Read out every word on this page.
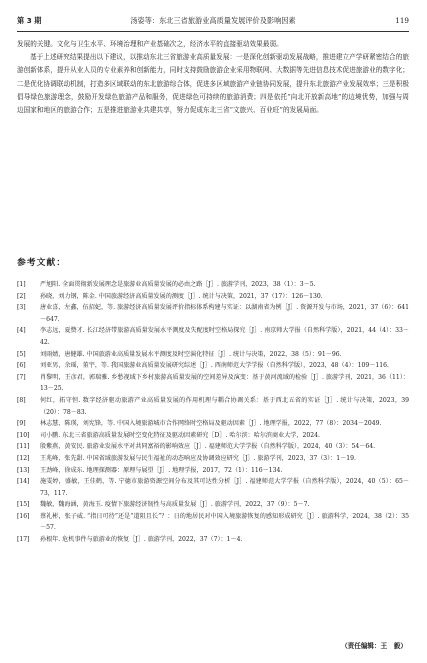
第 3 期	汤姿等：东北三省旅游业高质量发展评价及影响因素	119

发展的关键。文化与卫生水平、环境治理和产业基础次之，经济水平的直接驱动效果最弱。

基于上述研究结果提出以下建议，以推动东北三省旅游业高质量发展：一是深化创新驱动发展战略，推进建立产学研紧密结合的旅游创新体系，提升从业人员的专业素养和创新能力，同时支持鼓励旅游企业采用物联网、大数据等先进信息技术促进旅游业的数字化；二是优化协调联动机制，打造多区域联动的东北旅游综合体，促进多区域旅游产业链协同发展，提升东北旅游产业发展效率；三是积极倡导绿色旅游理念，鼓励开发绿色旅游产品和服务，促进绿色可持续的旅游消费；四是依托“向北开放新高地”的边境优势，加强与周边国家和地区的旅游合作；五是推进旅游业共建共享，努力促成东北三省“文旅兴、百业旺”的发展局面。

参考文献：
[1]	严旭阳. 全面贯彻新发展理念是旅游业高质量发展的必由之路［J］. 旅游学刊，2023，38（1）：3－5.
[2]	孙晓，刘力钢，陈金. 中国旅游经济高质量发展的测度［J］. 统计与决策，2021，37（17）：126－130.
[3]	唐业喜，左鑫，伍招妃，等. 旅游经济高质量发展评价指标体系构建与实证：以湖南省为例［J］. 资源开发与市场，2021，37（6）：641－647.
[4]	李志远，夏赞才. 长江经济带旅游高质量发展水平测度及失配度时空格局探究［J］. 南京师大学报（自然科学版），2021，44（4）：33－42.
[5]	刘雨婧，唐健雄. 中国旅游业高质量发展水平测度及时空演化特征［J］. 统计与决策，2022，38（5）：91－96.
[6]	刘亚男，余瑶，董宇，等. 我国旅游业高质量发展研究综述［J］. 西南师范大学学报（自然科学版），2023，48（4）：109－116.
[7]	肖黎明，王彦君，郭瑞雅. 乡愁视域下乡村旅游高质量发展的空间差异及演变：基于黄河流域的检验［J］. 旅游学刊，2021，36（11）：13－25.
[8]	何红，拓守恒. 数字经济驱动旅游产业高质量发展的作用机理与耦合协调关系：基于西北五省的实证［J］. 统计与决策，2023，39（20）：78－83.
[9]	林志慧，陈瑛，刘宪锋，等. 中国入境旅游城市合作网络时空格局及驱动因素［J］. 地理学报，2022，77（8）：2034－2049.
[10]	司小鹏. 东北三省旅游高质量发展时空变化特征及驱动因素研究［D］. 哈尔滨：哈尔滨商业大学，2024.
[11]	殷紫燕，黄安民. 旅游业发展水平对共同富裕的影响效应［J］. 福建师范大学学报（自然科学版），2024，40（3）：54－64.
[12]	王兆峰，张先甜. 中国省域旅游发展与民生福祉的动态响应及协调效应研究［J］. 旅游学刊，2023，37（3）：1－19.
[13]	王劲峰，徐成东. 地理探测器：原理与展望［J］. 地理学报，2017，72（1）：116－134.
[14]	施雯婷，盛敏，王佳鹤，等. 宁德市旅游资源空间分布及其可达性分析［J］. 福建师范大学学报（自然科学版），2024，40（5）：65－73，117.
[15]	魏敏，魏海涵，黄海玉. 疫情下旅游经济韧性与高质量发展［J］. 旅游学刊，2022，37（9）：5－7.
[16]	蔡礼彬，张子威. “指日可待”还是“道阻且长”？：日的地居民对中国入境旅游恢复的感知形成研究［J］. 旅游科学，2024，38（2）：35－57.
[17]	孙根年. 危机事件与旅游业的恢复［J］. 旅游学刊，2022，37（7）：1－4.
（责任编辑：王　毅）
